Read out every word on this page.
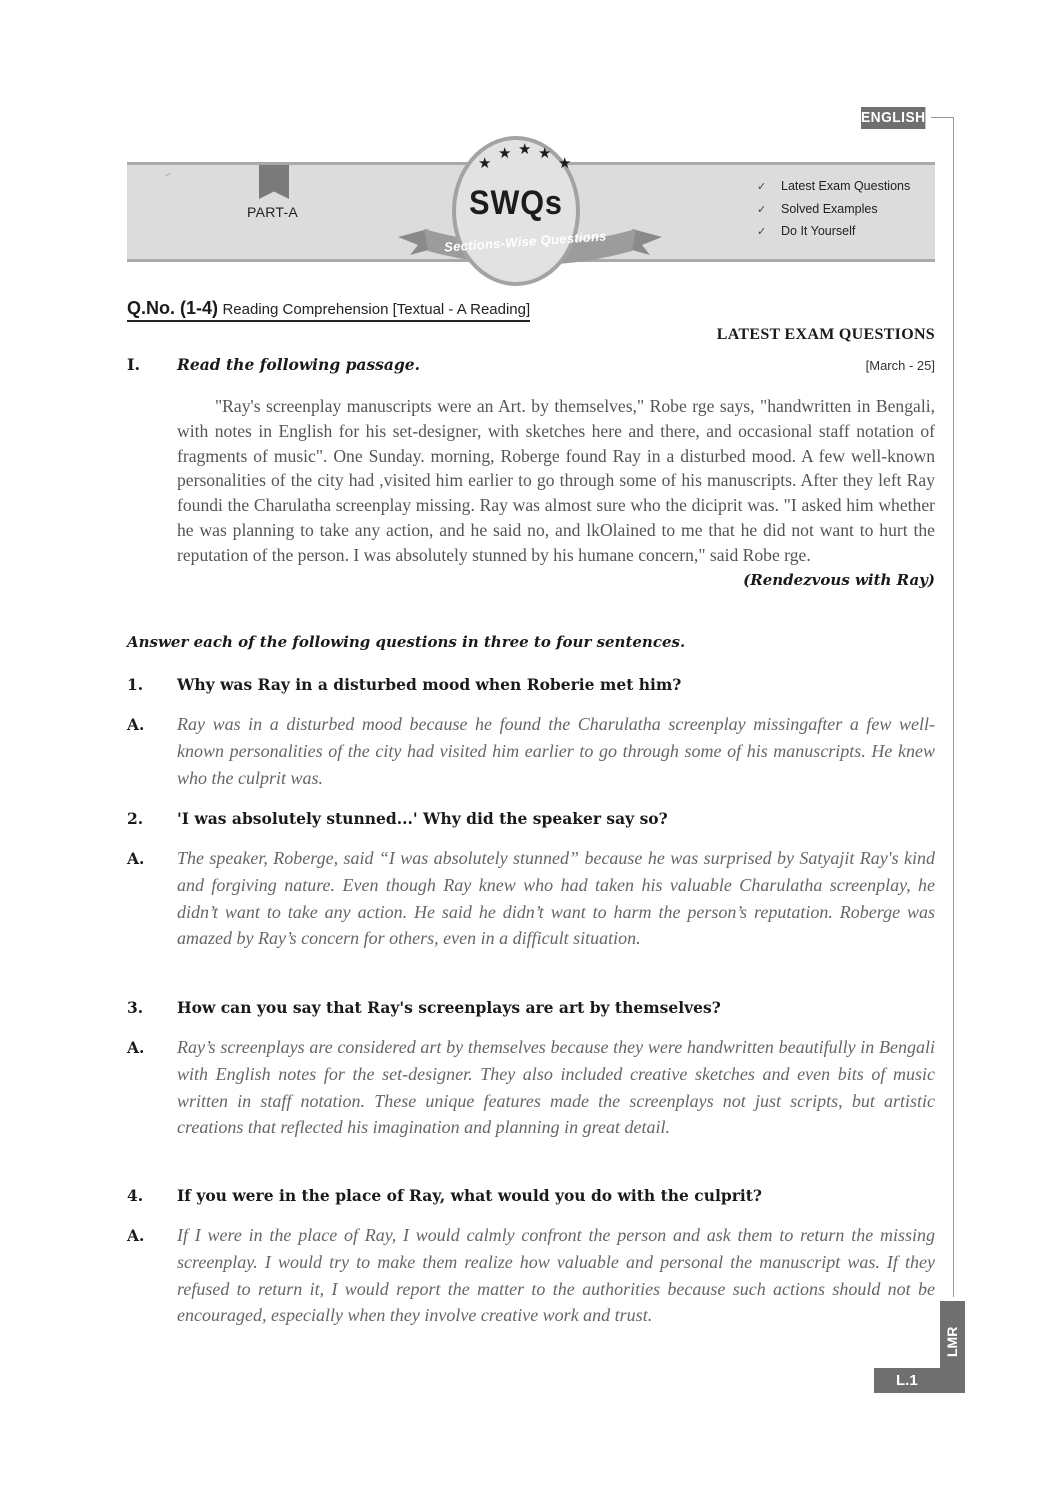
ENGLISH
PART-A
★
★ ★ ★
★
SWQs
Sections-Wise Questions
✓ Latest Exam Questions
✓ Solved Examples
✓ Do It Yourself
Q.No. (1-4) Reading Comprehension [Textual - A Reading]
LATEST EXAM QUESTIONS
I. Read the following passage.	[March - 25]

"Ray's screenplay manuscripts were an Art. by themselves," Robe rge says, "handwritten in Bengali, with notes in English for his set-designer, with sketches here and there, and occasional staff notation of fragments of music". One Sunday. morning, Roberge found Ray in a disturbed mood. A few well-known personalities of the city had ,visited him earlier to go through some of his manuscripts. After they left Ray foundi the Charulatha screenplay missing. Ray was almost sure who the diciprit was. "I asked him whether he was planning to take any action, and he said no, and lkOlained to me that he did not want to hurt the reputation of the person. I was absolutely stunned by his humane concern," said Robe rge.
(Rendezvous with Ray)

Answer each of the following questions in three to four sentences.
1. Why was Ray in a disturbed mood when Roberie met him?
A. Ray was in a disturbed mood because he found the Charulatha screenplay missingafter a few well-known personalities of the city had visited him earlier to go through some of his manuscripts. He knew who the culprit was.

2. 'I was absolutely stunned...' Why did the speaker say so?
A. The speaker, Roberge, said “I was absolutely stunned” because he was surprised by Satyajit Ray's kind and forgiving nature. Even though Ray knew who had taken his valuable Charulatha screenplay, he didn’t want to take any action. He said he didn’t want to harm the person’s reputation. Roberge was amazed by Ray’s concern for others, even in a difficult situation.

3. How can you say that Ray's screenplays are art by themselves?
A. Ray’s screenplays are considered art by themselves because they were handwritten beautifully in Bengali with English notes for the set-designer. They also included creative sketches and even bits of music written in staff notation. These unique features made the screenplays not just scripts, but artistic creations that reflected his imagination and planning in great detail.

4. If you were in the place of Ray, what would you do with the culprit?
A. If I were in the place of Ray, I would calmly confront the person and ask them to return the missing screenplay. I would try to make them realize how valuable and personal the manuscript was. If they refused to return it, I would report the matter to the authorities because such actions should not be encouraged, especially when they involve creative work and trust.

LMR
L.1
